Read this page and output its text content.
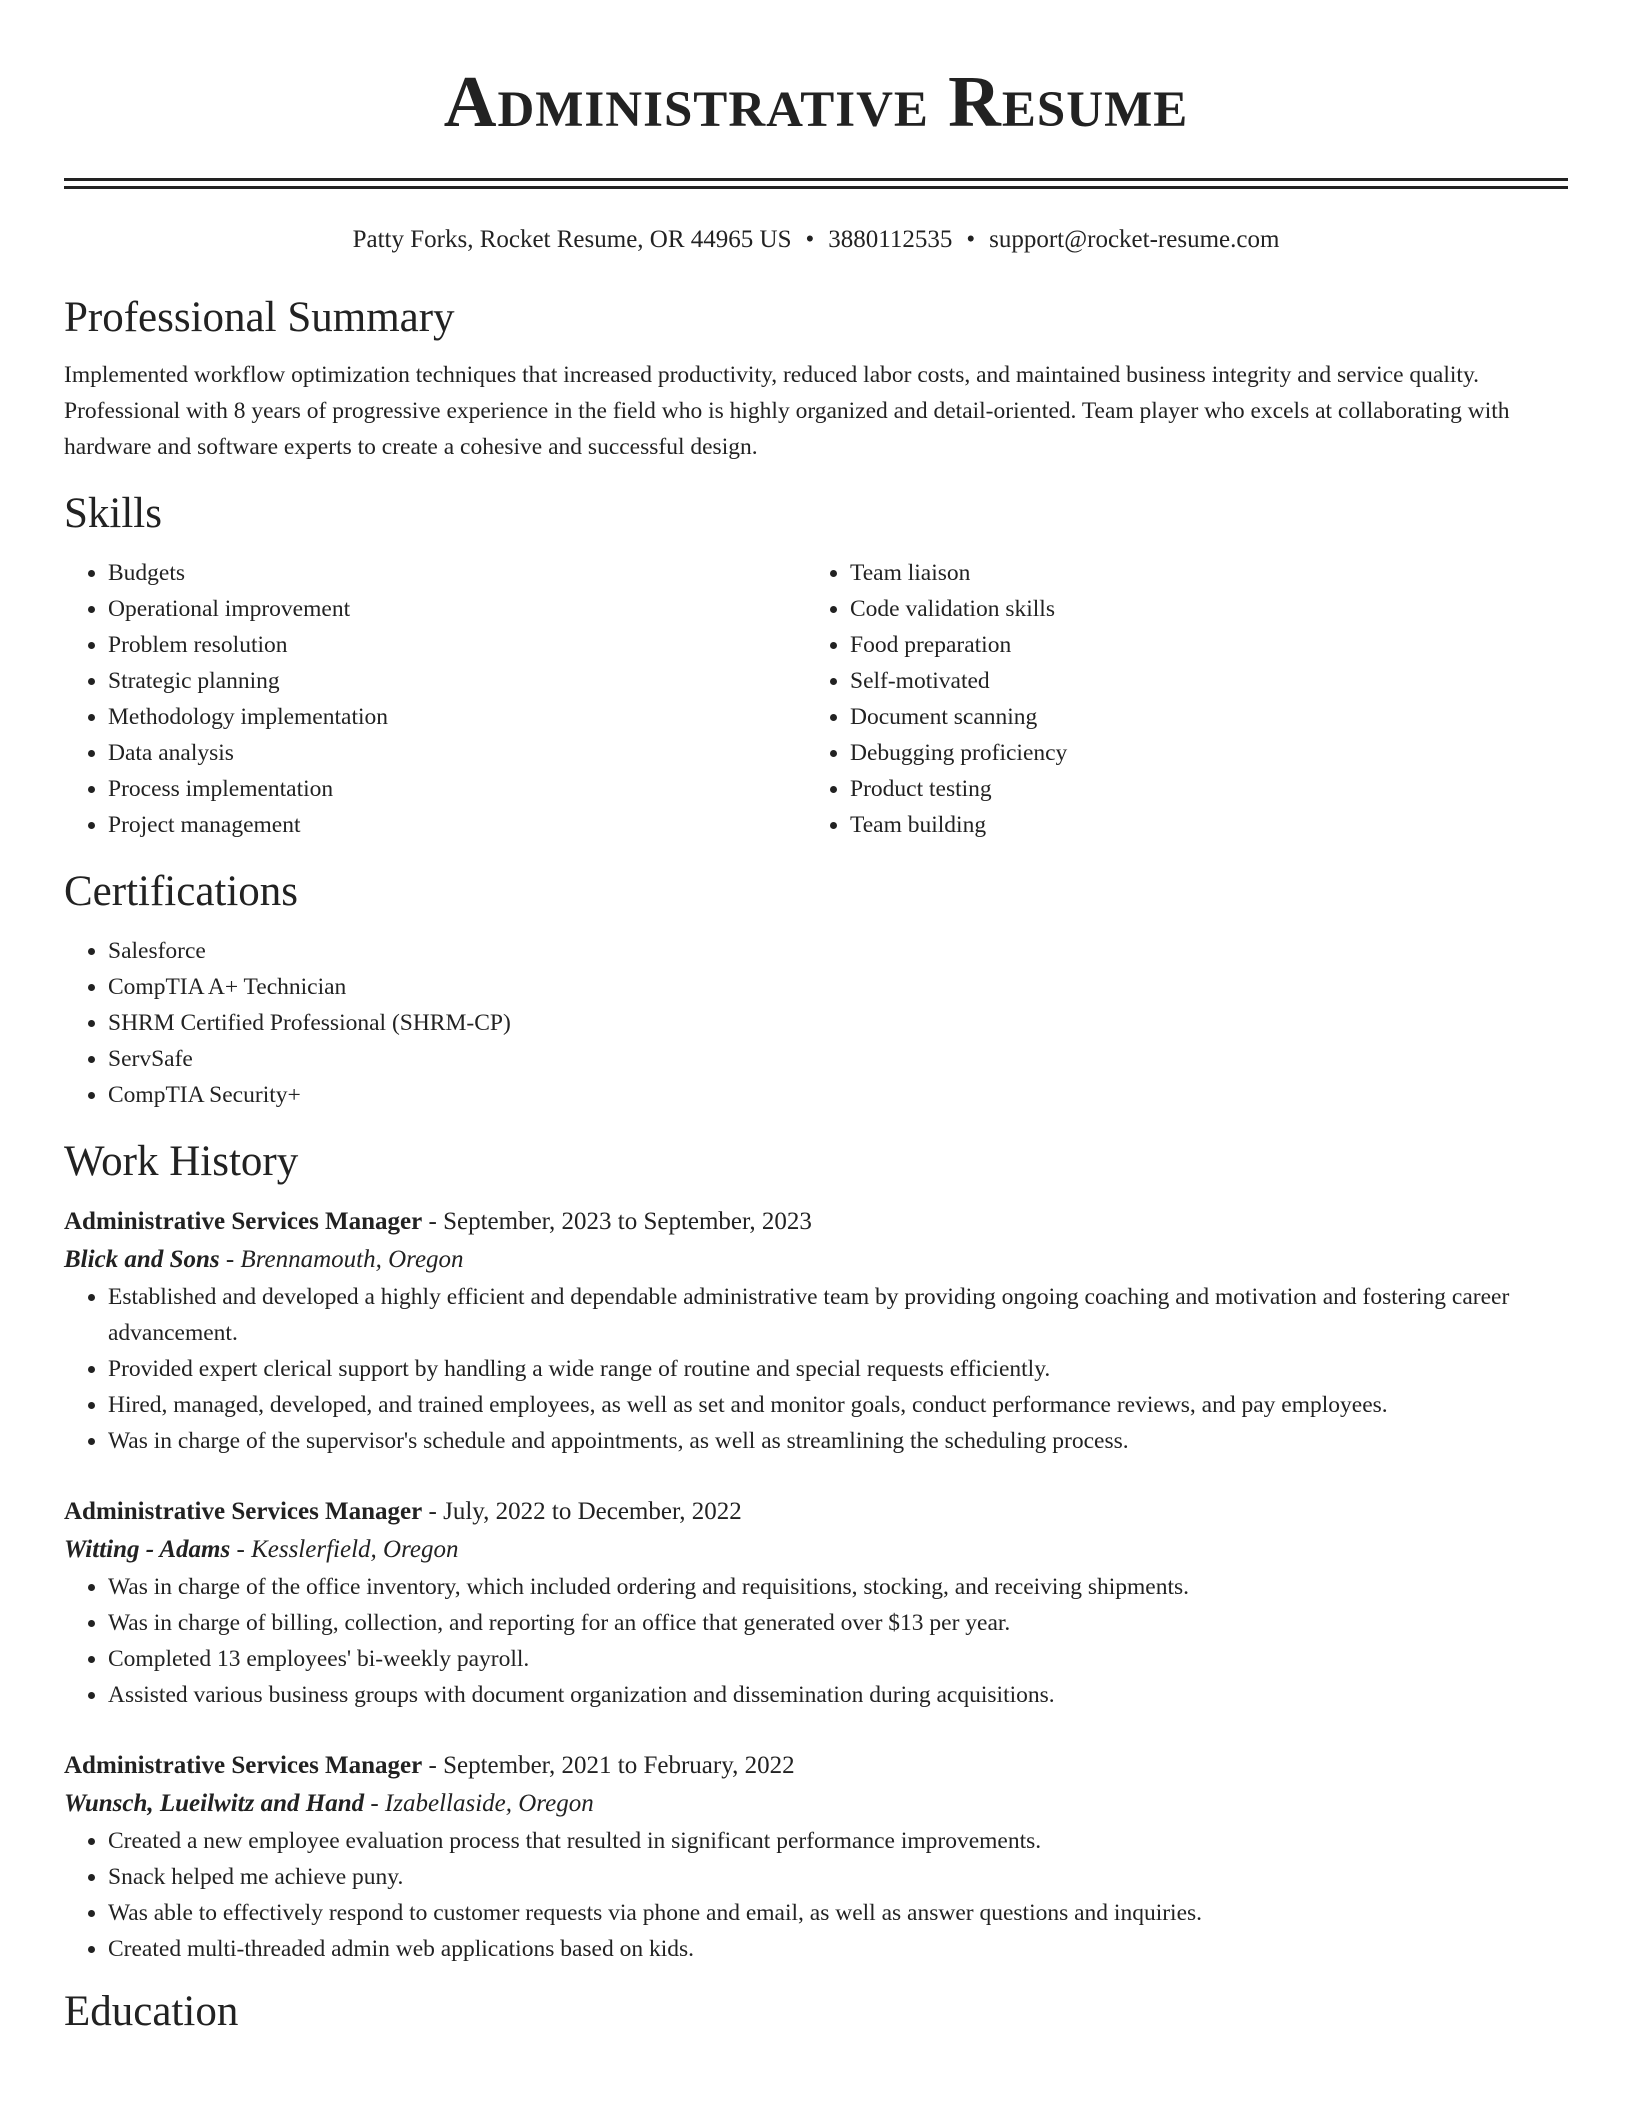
Administrative Resume
Patty Forks, Rocket Resume, OR 44965 US • 3880112535 • support@rocket-resume.com
Professional Summary

Implemented workflow optimization techniques that increased productivity, reduced labor costs, and maintained business integrity and service quality. Professional with 8 years of progressive experience in the field who is highly organized and detail-oriented. Team player who excels at collaborating with hardware and software experts to create a cohesive and successful design.

Skills
• Budgets
• Operational improvement
• Problem resolution
• Strategic planning
• Methodology implementation
• Data analysis
• Process implementation
• Project management
• Team liaison
• Code validation skills
• Food preparation
• Self-motivated
• Document scanning
• Debugging proficiency
• Product testing
• Team building
Certifications
• Salesforce
• CompTIA A+ Technician
• SHRM Certified Professional (SHRM-CP)
• ServSafe
• CompTIA Security+
Work History
Administrative Services Manager - September, 2023 to September, 2023
Blick and Sons - Brennamouth, Oregon
• Established and developed a highly efficient and dependable administrative team by providing ongoing coaching and motivation and fostering career advancement.
• Provided expert clerical support by handling a wide range of routine and special requests efficiently.
• Hired, managed, developed, and trained employees, as well as set and monitor goals, conduct performance reviews, and pay employees.
• Was in charge of the supervisor's schedule and appointments, as well as streamlining the scheduling process.
Administrative Services Manager - July, 2022 to December, 2022
Witting - Adams - Kesslerfield, Oregon
• Was in charge of the office inventory, which included ordering and requisitions, stocking, and receiving shipments.
• Was in charge of billing, collection, and reporting for an office that generated over $13 per year.
• Completed 13 employees' bi-weekly payroll.
• Assisted various business groups with document organization and dissemination during acquisitions.
Administrative Services Manager - September, 2021 to February, 2022
Wunsch, Lueilwitz and Hand - Izabellaside, Oregon
• Created a new employee evaluation process that resulted in significant performance improvements.
• Snack helped me achieve puny.
• Was able to effectively respond to customer requests via phone and email, as well as answer questions and inquiries.
• Created multi-threaded admin web applications based on kids.
Education
